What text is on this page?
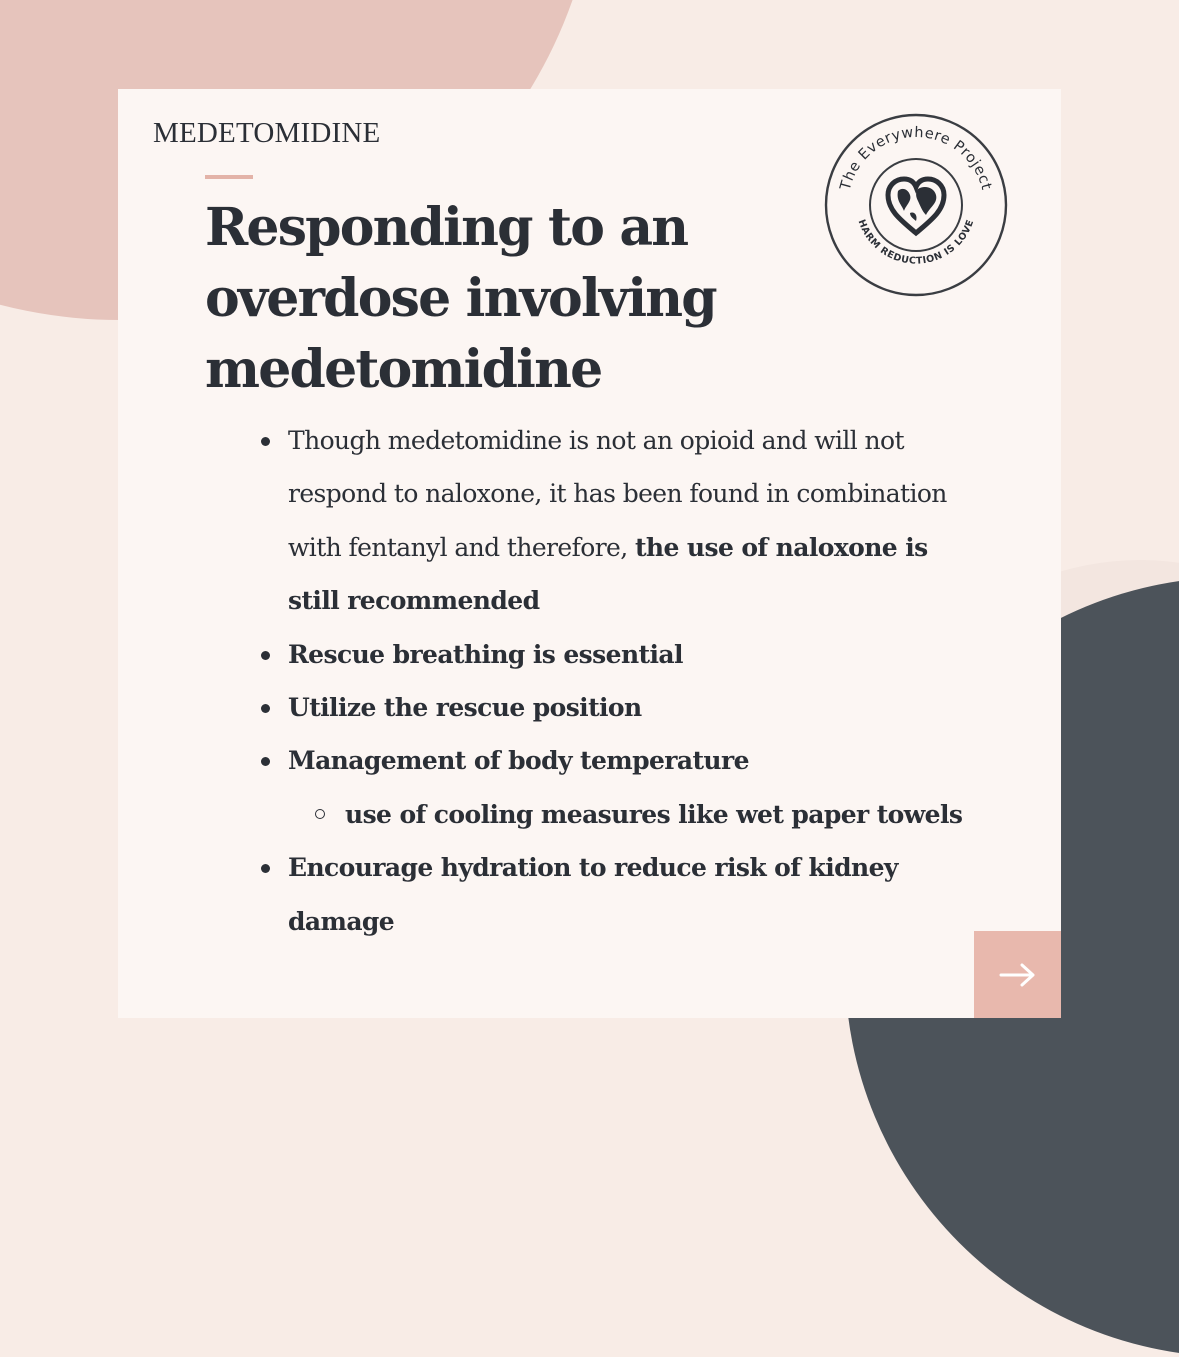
MEDETOMIDINE
Responding to an overdose involving medetomidine
The Everywhere Project
HARM REDUCTION IS LOVE
Though medetomidine is not an opioid and will not respond to naloxone, it has been found in combination with fentanyl and therefore, the use of naloxone is still recommended
Rescue breathing is essential
Utilize the rescue position
Management of body temperature
use of cooling measures like wet paper towels
Encourage hydration to reduce risk of kidney damage
